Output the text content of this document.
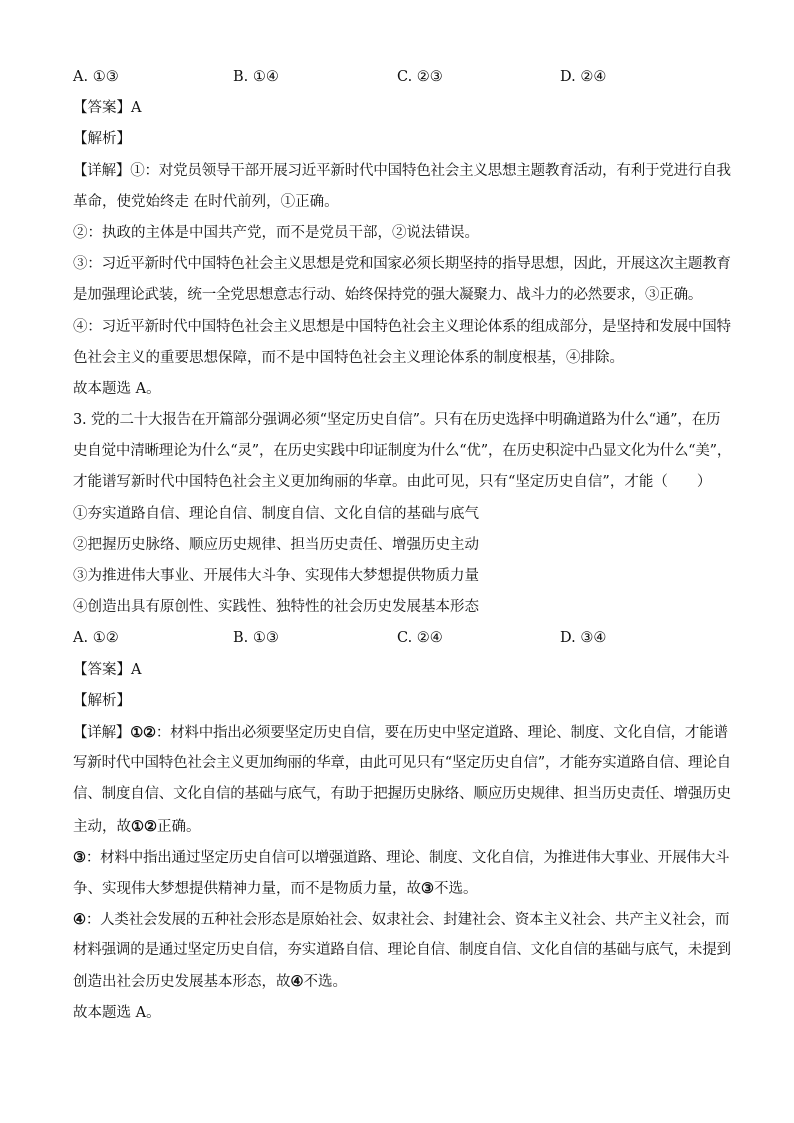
A. ①③	B. ①④	C. ②③	D. ②④
【答案】A
【解析】
【详解】①：对党员领导干部开展习近平新时代中国特色社会主义思想主题教育活动，有利于党进行自我
革命，使党始终走 在时代前列，①正确。
②：执政的主体是中国共产党，而不是党员干部，②说法错误。
③：习近平新时代中国特色社会主义思想是党和国家必须长期坚持的指导思想，因此，开展这次主题教育
是加强理论武装，统一全党思想意志行动、始终保持党的强大凝聚力、战斗力的必然要求，③正确。
④：习近平新时代中国特色社会主义思想是中国特色社会主义理论体系的组成部分，是坚持和发展中国特
色社会主义的重要思想保障，而不是中国特色社会主义理论体系的制度根基，④排除。
故本题选 A。
3. 党的二十大报告在开篇部分强调必须“坚定历史自信”。只有在历史选择中明确道路为什么“通”，在历
史自觉中清晰理论为什么“灵”，在历史实践中印证制度为什么“优”，在历史积淀中凸显文化为什么“美”，
才能谱写新时代中国特色社会主义更加绚丽的华章。由此可见，只有“坚定历史自信”，才能（　　）
①夯实道路自信、理论自信、制度自信、文化自信的基础与底气
②把握历史脉络、顺应历史规律、担当历史责任、增强历史主动
③为推进伟大事业、开展伟大斗争、实现伟大梦想提供物质力量
④创造出具有原创性、实践性、独特性的社会历史发展基本形态
A. ①②	B. ①③	C. ②④	D. ③④
【答案】A
【解析】
【详解】①②：材料中指出必须要坚定历史自信，要在历史中坚定道路、理论、制度、文化自信，才能谱
写新时代中国特色社会主义更加绚丽的华章，由此可见只有“坚定历史自信”，才能夯实道路自信、理论自
信、制度自信、文化自信的基础与底气，有助于把握历史脉络、顺应历史规律、担当历史责任、增强历史
主动，故①②正确。
③：材料中指出通过坚定历史自信可以增强道路、理论、制度、文化自信，为推进伟大事业、开展伟大斗
争、实现伟大梦想提供精神力量，而不是物质力量，故③不选。
④：人类社会发展的五种社会形态是原始社会、奴隶社会、封建社会、资本主义社会、共产主义社会，而
材料强调的是通过坚定历史自信，夯实道路自信、理论自信、制度自信、文化自信的基础与底气，未提到
创造出社会历史发展基本形态，故④不选。
故本题选 A。
